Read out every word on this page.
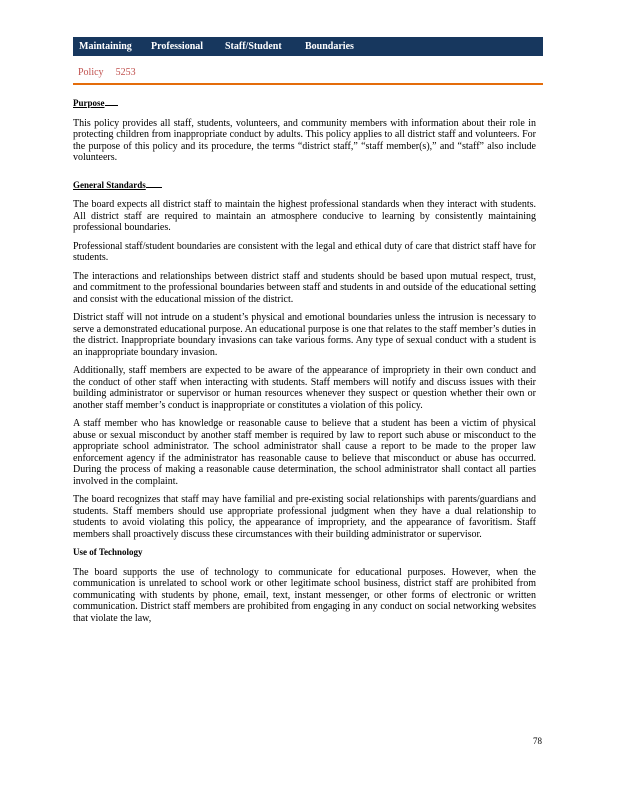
Maintaining	Professional	Staff/Student	Boundaries
Policy 5253
Purpose

This policy provides all staff, students, volunteers, and community members with information about their role in protecting children from inappropriate conduct by adults. This policy applies to all district staff and volunteers. For the purpose of this policy and its procedure, the terms “district staff,” “staff member(s),” and “staff” also include volunteers.

General Standards

The board expects all district staff to maintain the highest professional standards when they interact with students. All district staff are required to maintain an atmosphere conducive to learning by consistently maintaining professional boundaries.

Professional staff/student boundaries are consistent with the legal and ethical duty of care that district staff have for students.

The interactions and relationships between district staff and students should be based upon mutual respect, trust, and commitment to the professional boundaries between staff and students in and outside of the educational setting and consist with the educational mission of the district.

District staff will not intrude on a student’s physical and emotional boundaries unless the intrusion is necessary to serve a demonstrated educational purpose. An educational purpose is one that relates to the staff member’s duties in the district. Inappropriate boundary invasions can take various forms. Any type of sexual conduct with a student is an inappropriate boundary invasion.

Additionally, staff members are expected to be aware of the appearance of impropriety in their own conduct and the conduct of other staff when interacting with students. Staff members will notify and discuss issues with their building administrator or supervisor or human resources whenever they suspect or question whether their own or another staff member’s conduct is inappropriate or constitutes a violation of this policy.

A staff member who has knowledge or reasonable cause to believe that a student has been a victim of physical abuse or sexual misconduct by another staff member is required by law to report such abuse or misconduct to the appropriate school administrator. The school administrator shall cause a report to be made to the proper law enforcement agency if the administrator has reasonable cause to believe that misconduct or abuse has occurred. During the process of making a reasonable cause determination, the school administrator shall contact all parties involved in the complaint.

The board recognizes that staff may have familial and pre-existing social relationships with parents/guardians and students. Staff members should use appropriate professional judgment when they have a dual relationship to students to avoid violating this policy, the appearance of impropriety, and the appearance of favoritism. Staff members shall proactively discuss these circumstances with their building administrator or supervisor.

Use of Technology

The board supports the use of technology to communicate for educational purposes. However, when the communication is unrelated to school work or other legitimate school business, district staff are prohibited from communicating with students by phone, email, text, instant messenger, or other forms of electronic or written communication. District staff members are prohibited from engaging in any conduct on social networking websites that violate the law,

78
